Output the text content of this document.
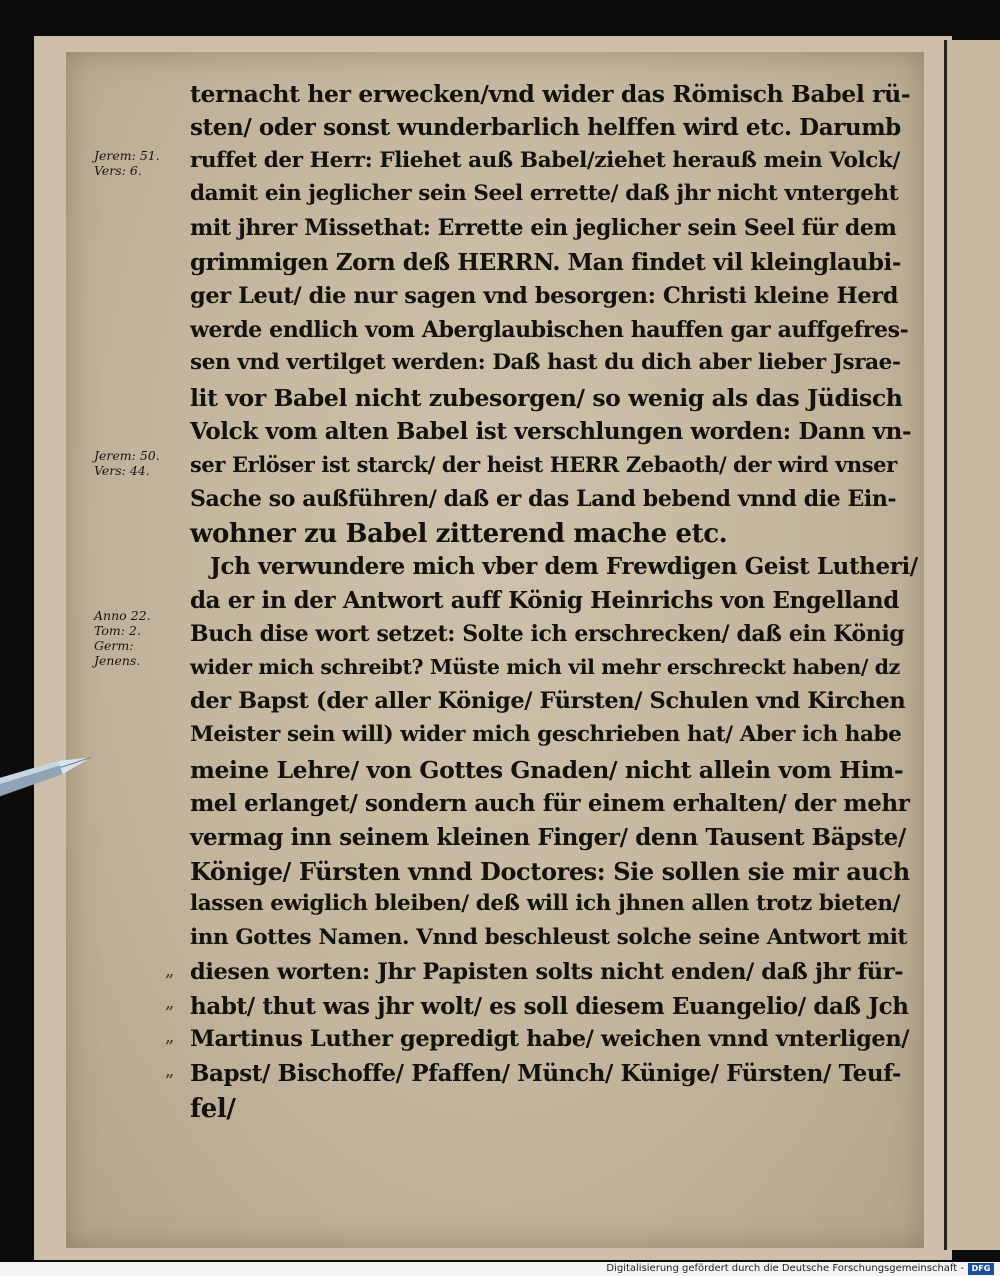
Jerem: 51. Vers: 6.
Jerem: 50. Vers: 44.
Anno 22. Tom: 2. Germ: Jenens.
ternacht her erwecken/vnd wider das Römisch Babel rü-
sten/ oder sonst wunderbarlich helffen wird etc. Darumb
ruffet der Herr: Fliehet auß Babel/ziehet herauß mein Volck/
damit ein jeglicher sein Seel errette/ daß jhr nicht vntergeht
mit jhrer Missethat: Errette ein jeglicher sein Seel für dem
grimmigen Zorn deß HERRN. Man findet vil kleinglaubi-
ger Leut/ die nur sagen vnd besorgen: Christi kleine Herd
werde endlich vom Aberglaubischen hauffen gar auffgefres-
sen vnd vertilget werden: Daß hast du dich aber lieber Jsrae-
lit vor Babel nicht zubesorgen/ so wenig als das Jüdisch
Volck vom alten Babel ist verschlungen worden: Dann vn-
ser Erlöser ist starck/ der heist HERR Zebaoth/ der wird vnser
Sache so außführen/ daß er das Land bebend vnnd die Ein-
wohner zu Babel zitterend mache etc.
Jch verwundere mich vber dem Frewdigen Geist Lutheri/
da er in der Antwort auff König Heinrichs von Engelland
Buch dise wort setzet: Solte ich erschrecken/ daß ein König
wider mich schreibt? Müste mich vil mehr erschreckt haben/ dz
der Bapst (der aller Könige/ Fürsten/ Schulen vnd Kirchen
Meister sein will) wider mich geschrieben hat/ Aber ich habe
meine Lehre/ von Gottes Gnaden/ nicht allein vom Him-
mel erlanget/ sondern auch für einem erhalten/ der mehr
vermag inn seinem kleinen Finger/ denn Tausent Bäpste/
Könige/ Fürsten vnnd Doctores: Sie sollen sie mir auch
lassen ewiglich bleiben/ deß will ich jhnen allen trotz bieten/
inn Gottes Namen. Vnnd beschleust solche seine Antwort mit
diesen worten: Jhr Papisten solts nicht enden/ daß jhr für-
habt/ thut was jhr wolt/ es soll diesem Euangelio/ daß Jch
Martinus Luther gepredigt habe/ weichen vnnd vnterligen/
Bapst/ Bischoffe/ Pfaffen/ Münch/ Künige/ Fürsten/ Teuf-
fel/
„
„
„
„
Digitalisierung gefördert durch die Deutsche Forschungsgemeinschaft - DFG
